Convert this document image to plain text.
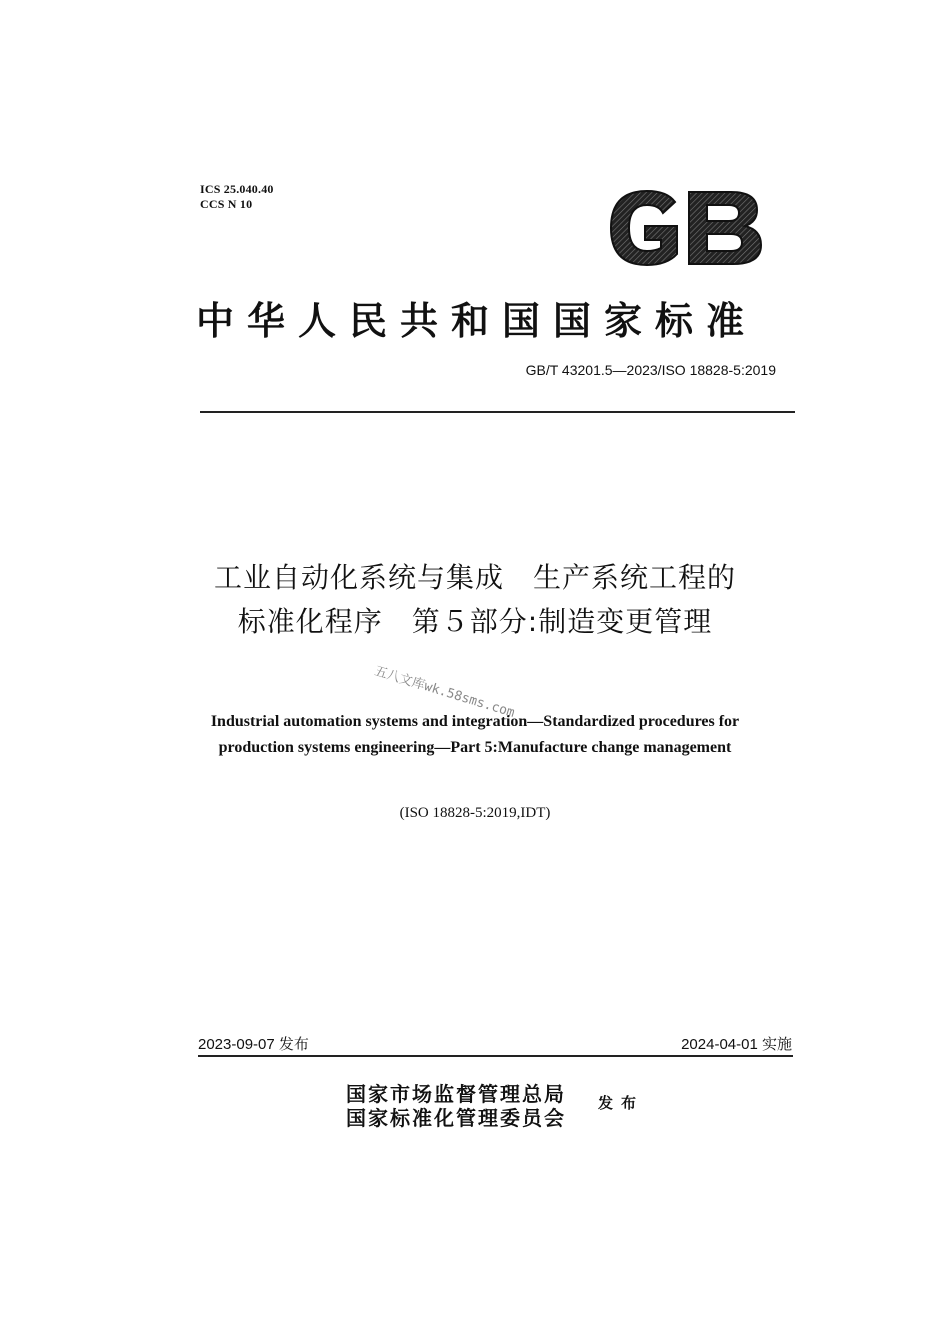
ICS 25.040.40
CCS N 10
中华人民共和国国家标准
GB/T 43201.5—2023/ISO 18828-5:2019
工业自动化系统与集成　生产系统工程的
标准化程序　第５部分:制造变更管理
五八文库wk.58sms.com
Industrial automation systems and integration—Standardized procedures for
production systems engineering—Part 5:Manufacture change management
(ISO 18828-5:2019,IDT)
2023-09-07 发布	2024-04-01 实施
国家市场监督管理总局
国家标准化管理委员会
发布
